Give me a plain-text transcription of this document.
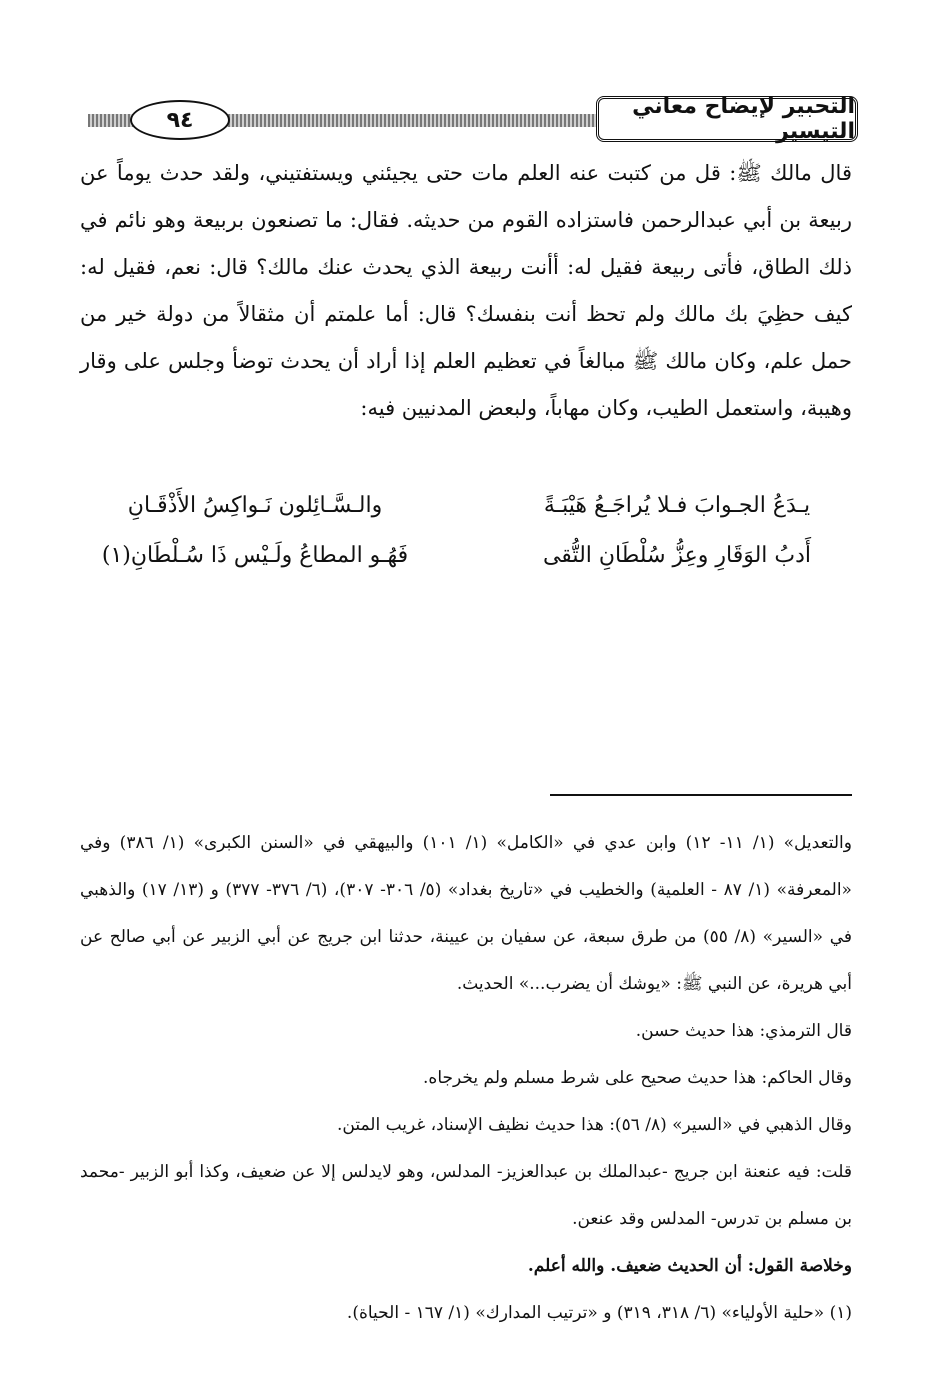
التحبير لإيضاح معاني التيسير
٩٤

قال مالك ﷺ: قل من كتبت عنه العلم مات حتى يجيئني ويستفتيني، ولقد حدث يوماً عن ربيعة بن أبي عبدالرحمن فاستزاده القوم من حديثه. فقال: ما تصنعون بربيعة وهو نائم في ذلك الطاق، فأتى ربيعة فقيل له: أأنت ربيعة الذي يحدث عنك مالك؟ قال: نعم، فقيل له: كيف حظِيَ بك مالك ولم تحظ أنت بنفسك؟ قال: أما علمتم أن مثقالاً من دولة خير من حمل علم، وكان مالك ﷺ مبالغاً في تعظيم العلم إذا أراد أن يحدث توضأ وجلس على وقار وهيبة، واستعمل الطيب، وكان مهاباً، ولبعض المدنيين فيه:

يـدَعُ الجـوابَ فـلا يُراجَـعُ هَيْبَـةً
والـسَّـائِلون نَـواكِسُ الأَذْقَـانِ
أَدبُ الوَقَارِ وعِزُّ سُلْطَانِ التُّقى
فَهُـو المطاعُ ولَـيْس ذَا سُـلْطَانِ(١)

والتعديل» (١/ ١١- ١٢) وابن عدي في «الكامل» (١/ ١٠١) والبيهقي في «السنن الكبرى» (١/ ٣٨٦) وفي «المعرفة» (١/ ٨٧ - العلمية) والخطيب في «تاريخ بغداد» (٥/ ٣٠٦- ٣٠٧)، (٦/ ٣٧٦- ٣٧٧) و (١٣/ ١٧) والذهبي في «السير» (٨/ ٥٥) من طرق سبعة، عن سفيان بن عيينة، حدثنا ابن جريج عن أبي الزبير عن أبي صالح عن أبي هريرة، عن النبي ﷺ: «يوشك أن يضرب...» الحديث.

قال الترمذي: هذا حديث حسن.

وقال الحاكم: هذا حديث صحيح على شرط مسلم ولم يخرجاه.

وقال الذهبي في «السير» (٨/ ٥٦): هذا حديث نظيف الإسناد، غريب المتن.

قلت: فيه عنعنة ابن جريج -عبدالملك بن عبدالعزيز- المدلس، وهو لايدلس إلا عن ضعيف، وكذا أبو الزبير -محمد بن مسلم بن تدرس- المدلس وقد عنعن.

وخلاصة القول: أن الحديث ضعيف. والله أعلم.

(١) «حلية الأولياء» (٦/ ٣١٨، ٣١٩) و «ترتيب المدارك» (١/ ١٦٧ - الحياة).
